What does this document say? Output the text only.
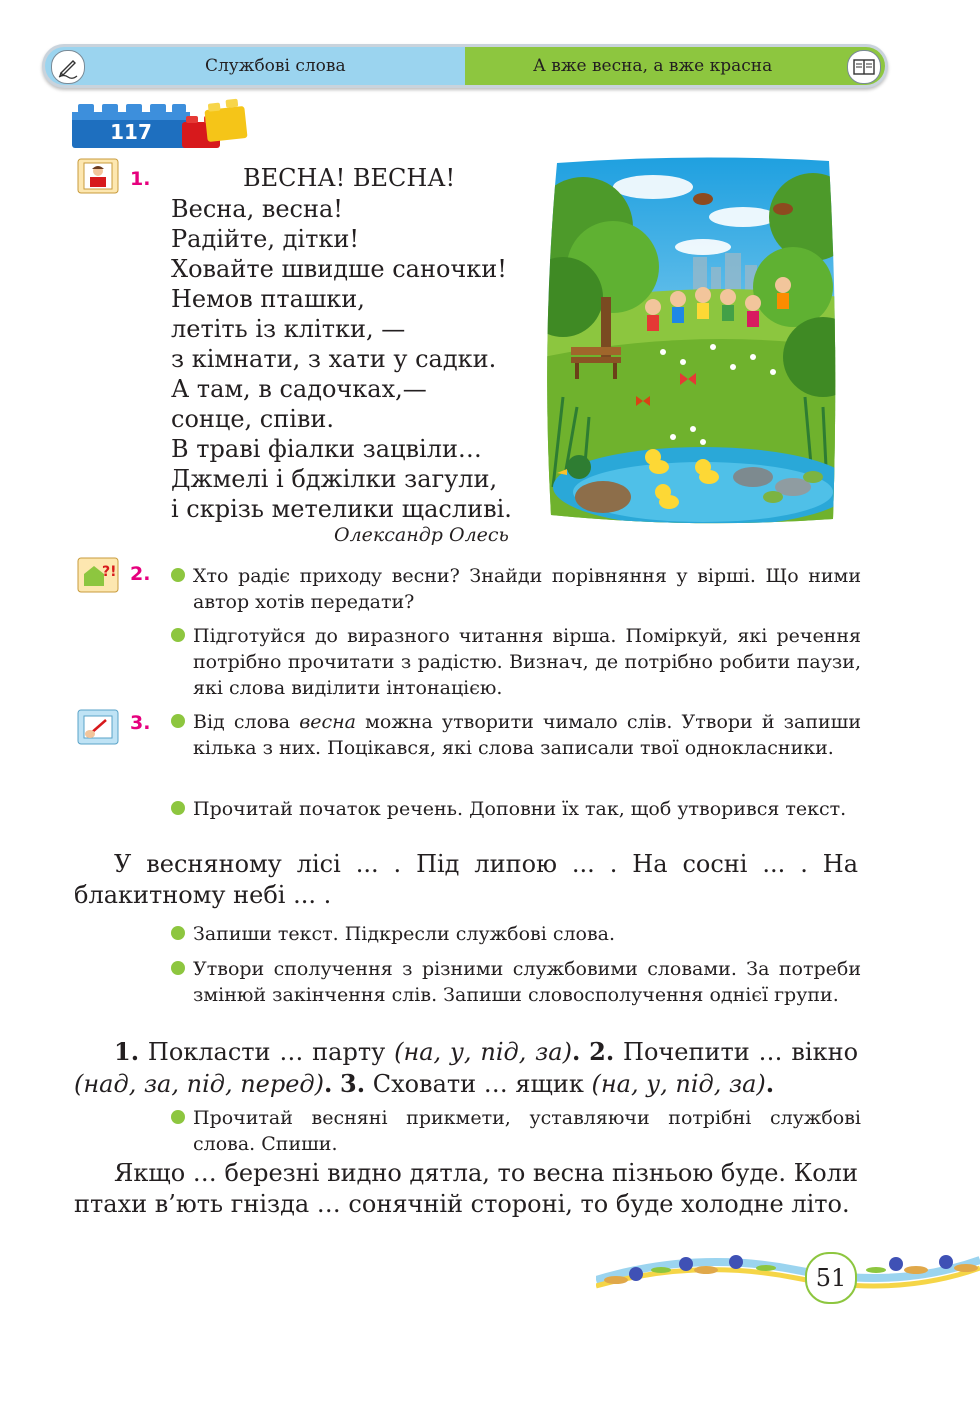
Службові слова	А вже весна, а вже красна
117
1.	ВЕСНА! ВЕСНА!
Весна, весна!
Радійте, дітки!
Ховайте швидше саночки!
Немов пташки,
летіть із клітки, —
з кімнати, з хати у садки.
А там, в садочках,—
сонце, співи.
В траві фіалки зацвіли…
Джмелі і бджілки загули,
і скрізь метелики щасливі.
Олександр Олесь
?! 2. Хто радіє приходу весни? Знайди порівняння у вірші. Що ними автор хотів передати?
Підготуйся до виразного читання вірша. Поміркуй, які речення потрібно прочитати з радістю. Визнач, де потрібно робити паузи, які слова виділити інтонацією.
3. Від слова весна можна утворити чимало слів. Утвори й запиши кілька з них. Поцікався, які слова записали твої однокласники.
Прочитай початок речень. Доповни їх так, щоб утворився текст.
У весняному лісі ... . Під липою ... . На сосні ... . На блакитному небі ... .
Запиши текст. Підкресли службові слова.
Утвори сполучення з різними службовими словами. За потреби змінюй закінчення слів. Запиши словосполучення однієї групи.
1. Покласти … парту (на, у, під, за). 2. Почепити … вікно (над, за, під, перед). 3. Сховати … ящик (на, у, під, за).
Прочитай весняні прикмети, уставляючи потрібні службові слова. Спиши.
Якщо … березні видно дятла, то весна пізньою буде. Коли птахи в’ють гнізда … сонячній стороні, то буде холодне літо.
51
